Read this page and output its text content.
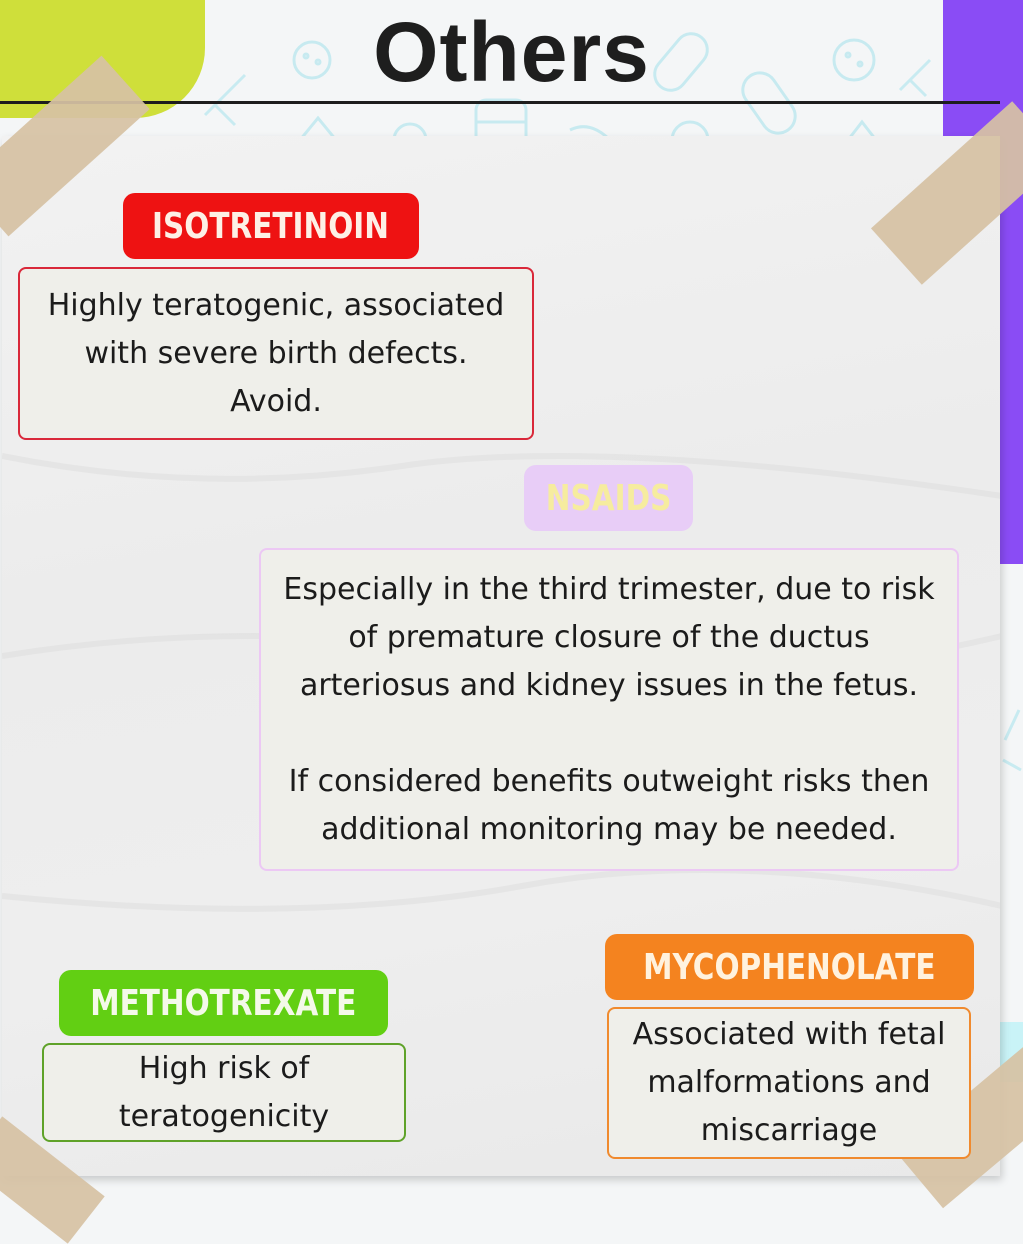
Others
ISOTRETINOIN

Highly teratogenic, associated

with severe birth defects.

Avoid.

NSAIDS

Especially in the third trimester, due to risk

of premature closure of the ductus

arteriosus and kidney issues in the fetus.

If considered benefits outweight risks then

additional monitoring may be needed.

METHOTREXATE

High risk of

teratogenicity

MYCOPHENOLATE

Associated with fetal

malformations and

miscarriage
